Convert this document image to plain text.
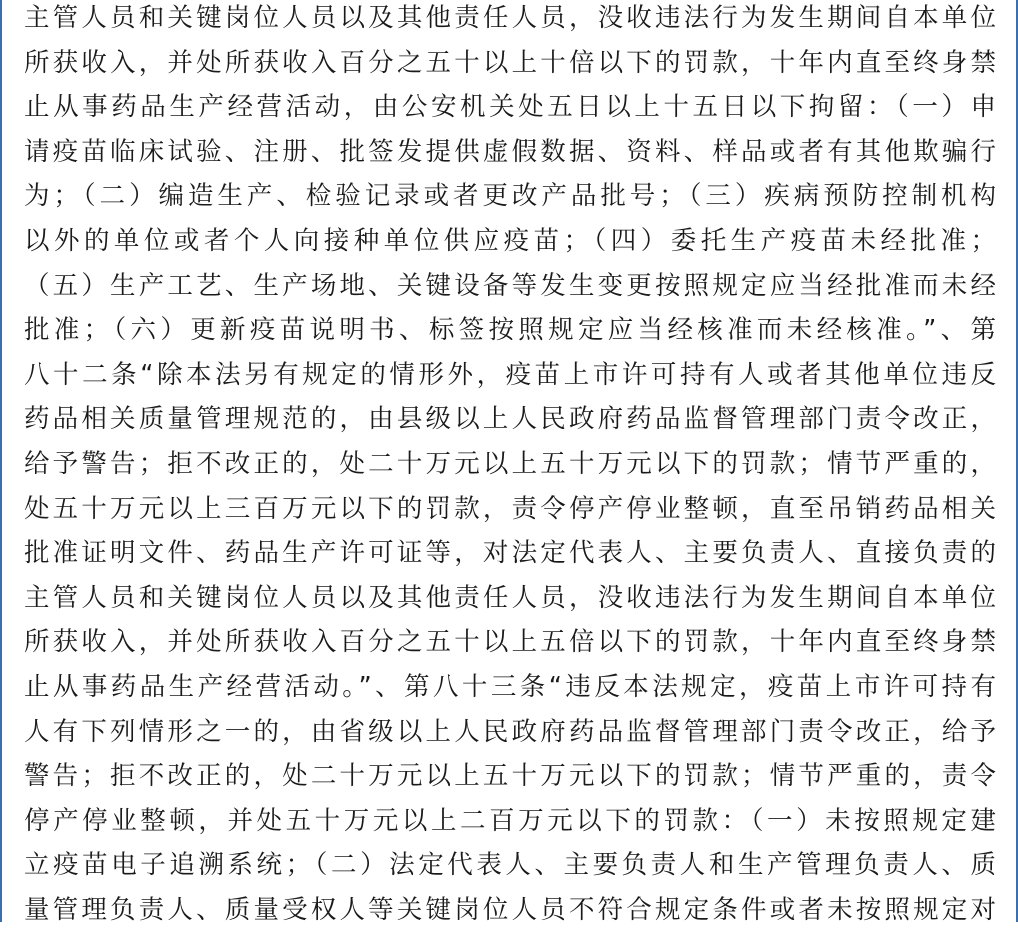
主管人员和关键岗位人员以及其他责任人员，没收违法行为发生期间自本单位
所获收入，并处所获收入百分之五十以上十倍以下的罚款，十年内直至终身禁
止从事药品生产经营活动，由公安机关处五日以上十五日以下拘留：（一）申
请疫苗临床试验、注册、批签发提供虚假数据、资料、样品或者有其他欺骗行
为；（二）编造生产、检验记录或者更改产品批号；（三）疾病预防控制机构
以外的单位或者个人向接种单位供应疫苗；（四）委托生产疫苗未经批准；
（五）生产工艺、生产场地、关键设备等发生变更按照规定应当经批准而未经
批准；（六）更新疫苗说明书、标签按照规定应当经核准而未经核准。”、第
八十二条“除本法另有规定的情形外，疫苗上市许可持有人或者其他单位违反
药品相关质量管理规范的，由县级以上人民政府药品监督管理部门责令改正，
给予警告；拒不改正的，处二十万元以上五十万元以下的罚款；情节严重的，
处五十万元以上三百万元以下的罚款，责令停产停业整顿，直至吊销药品相关
批准证明文件、药品生产许可证等，对法定代表人、主要负责人、直接负责的
主管人员和关键岗位人员以及其他责任人员，没收违法行为发生期间自本单位
所获收入，并处所获收入百分之五十以上五倍以下的罚款，十年内直至终身禁
止从事药品生产经营活动。”、第八十三条“违反本法规定，疫苗上市许可持有
人有下列情形之一的，由省级以上人民政府药品监督管理部门责令改正，给予
警告；拒不改正的，处二十万元以上五十万元以下的罚款；情节严重的，责令
停产停业整顿，并处五十万元以上二百万元以下的罚款：（一）未按照规定建
立疫苗电子追溯系统；（二）法定代表人、主要负责人和生产管理负责人、质
量管理负责人、质量受权人等关键岗位人员不符合规定条件或者未按照规定对
